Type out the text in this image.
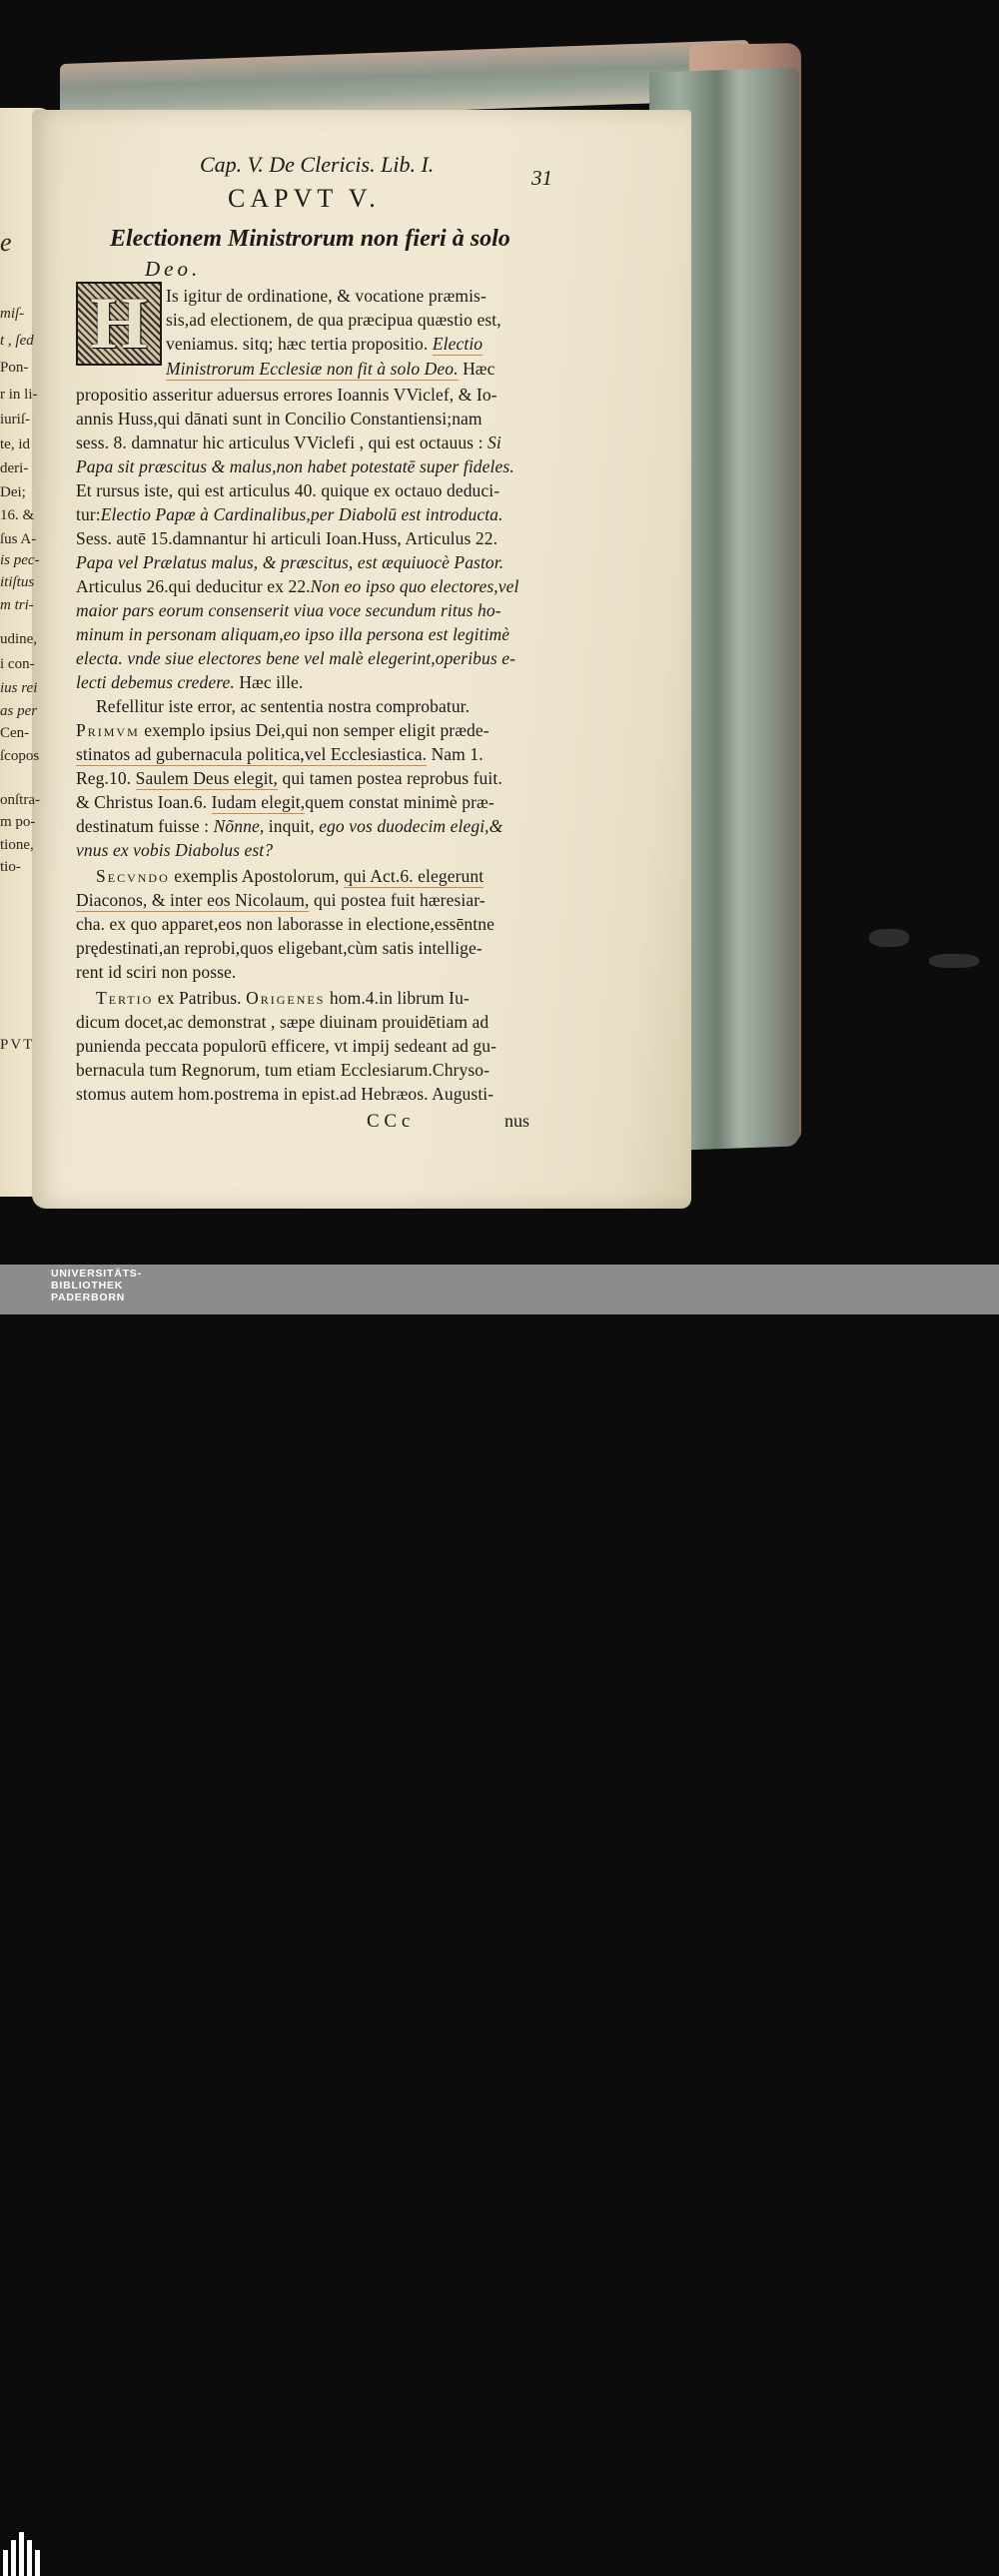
e
miſ-
t , ſed
Pon-
r in li-
iuriſ-
te, id
deri-
Dei;
16. &
ſus A-
is pec-
itiſtus
m tri-
udine,
i con-
ius rei
as per
Cen-
ſcopos
onſtra-
m po-
tione,
tio-
PVT
Cap. V. De Clericis. Lib. I.
31
CAPVT V.
Electionem Ministrorum non fieri à solo
Deo.
H Is igitur de ordinatione, & vocatione præmis-
sis,ad electionem, de qua præcipua quæstio est,
veniamus. sitq; hæc tertia propositio. Electio
Ministrorum Ecclesiæ non fit à solo Deo. Hæc
propositio asseritur aduersus errores Ioannis VViclef, & Io-
annis Huss,qui dānati sunt in Concilio Constantiensi;nam
sess. 8. damnatur hic articulus VViclefi , qui est octauus : Si
Papa sit præscitus & malus,non habet potestatē super fideles.
Et rursus iste, qui est articulus 40. quique ex octauo deduci-
tur:Electio Papæ à Cardinalibus,per Diabolū est introducta.
Sess. autē 15.damnantur hi articuli Ioan.Huss, Articulus 22.
Papa vel Prælatus malus, & præscitus, est æquiuocè Pastor.
Articulus 26.qui deducitur ex 22.Non eo ipso quo electores,vel
maior pars eorum consenserit viua voce secundum ritus ho-
minum in personam aliquam,eo ipso illa persona est legitimè
electa. vnde siue electores bene vel malè elegerint,operibus e-
lecti debemus credere. Hæc ille.
Refellitur iste error, ac sententia nostra comprobatur.
Primvm exemplo ipsius Dei,qui non semper eligit præde-
stinatos ad gubernacula politica,vel Ecclesiastica. Nam 1.
Reg.10. Saulem Deus elegit, qui tamen postea reprobus fuit.
& Christus Ioan.6. Iudam elegit,quem constat minimè præ-
destinatum fuisse : Nõnne, inquit, ego vos duodecim elegi,&
vnus ex vobis Diabolus est?
Secvndo exemplis Apostolorum, qui Act.6. elegerunt
Diaconos, & inter eos Nicolaum, qui postea fuit hæresiar-
cha. ex quo apparet,eos non laborasse in electione,essēntne
prędestinati,an reprobi,quos eligebant,cùm satis intellige-
rent id sciri non posse.
Tertio ex Patribus. Origenes hom.4.in librum Iu-
dicum docet,ac demonstrat , sæpe diuinam prouidētiam ad
punienda peccata populorū efficere, vt impij sedeant ad gu-
bernacula tum Regnorum, tum etiam Ecclesiarum.Chryso-
stomus autem hom.postrema in epist.ad Hebræos. Augusti-
C C c	nus
UNIVERSITÄTS-
BIBLIOTHEK
PADERBORN
